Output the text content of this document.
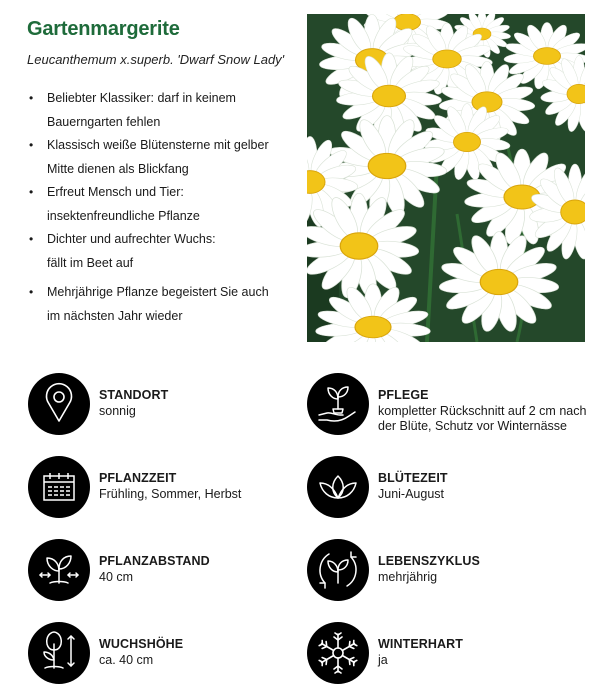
Gartenmargerite
Leucanthemum x.superb. 'Dwarf Snow Lady'
• Beliebter Klassiker: darf in keinem
Bauerngarten fehlen
• Klassisch weiße Blütensterne mit gelber
Mitte dienen als Blickfang
• Erfreut Mensch und Tier:
insektenfreundliche Pflanze
• Dichter und aufrechter Wuchs:
fällt im Beet auf
• Mehrjährige Pflanze begeistert Sie auch
im nächsten Jahr wieder
STANDORT
sonnig
PFLEGE
kompletter Rückschnitt auf 2 cm nach der Blüte, Schutz vor Winternässe
PFLANZZEIT
Frühling, Sommer, Herbst
BLÜTEZEIT
Juni-August
PFLANZABSTAND
40 cm
LEBENSZYKLUS
mehrjährig
WUCHSHÖHE
ca. 40 cm
WINTERHART
ja
